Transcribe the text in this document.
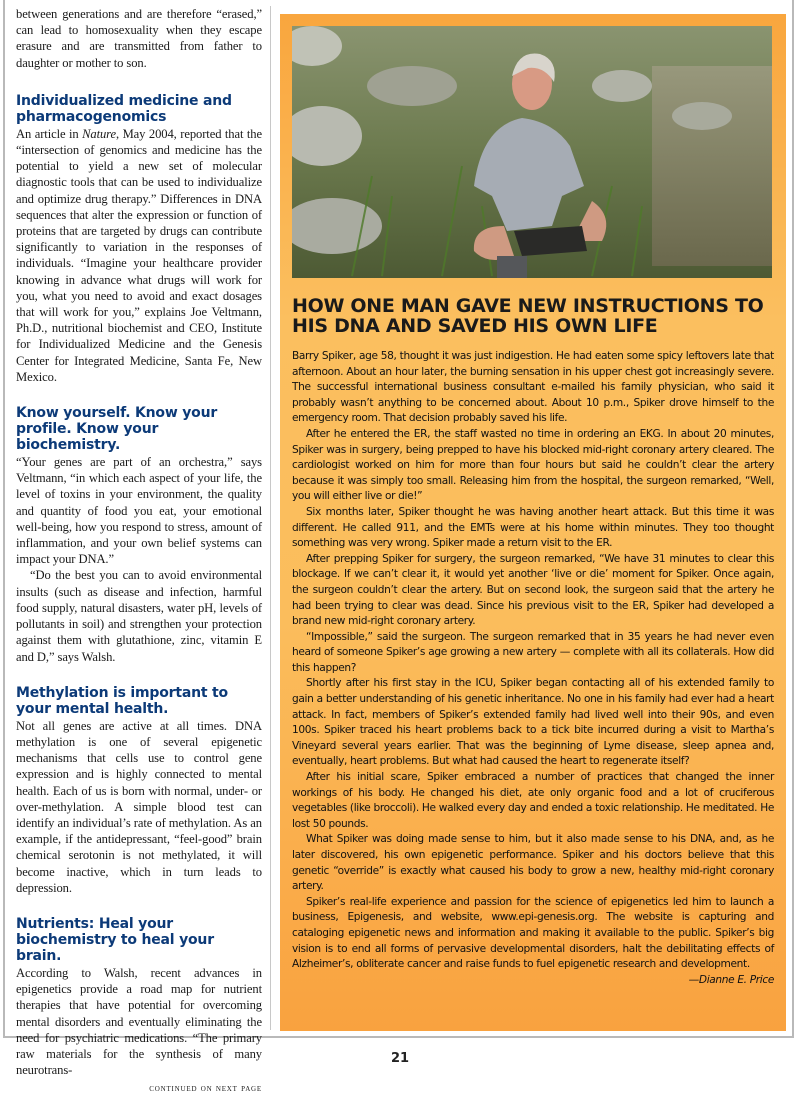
between generations and are therefore “erased,” can lead to homosexuality when they escape erasure and are transmitted from father to daughter or mother to son.

Individualized medicine and pharmacogenomics

An article in Nature, May 2004, reported that the “intersection of genomics and medicine has the potential to yield a new set of molecular diagnostic tools that can be used to individualize and optimize drug therapy.” Differences in DNA sequences that alter the expression or function of proteins that are targeted by drugs can contribute significantly to variation in the responses of individuals. “Imagine your healthcare provider knowing in advance what drugs will work for you, what you need to avoid and exact dosages that will work for you,” explains Joe Veltmann, Ph.D., nutritional biochemist and CEO, Institute for Individualized Medicine and the Genesis Center for Integrated Medicine, Santa Fe, New Mexico.

Know yourself. Know your profile. Know your biochemistry.

“Your genes are part of an orchestra,” says Veltmann, “in which each aspect of your life, the level of toxins in your environment, the quality and quantity of food you eat, your emotional well-being, how you respond to stress, amount of inflammation, and your own belief systems can impact your DNA.”

“Do the best you can to avoid environmental insults (such as disease and infection, harmful food supply, natural disasters, water pH, levels of pollutants in soil) and strengthen your protection against them with glutathione, zinc, vitamin E and D,” says Walsh.

Methylation is important to your mental health.

Not all genes are active at all times. DNA methylation is one of several epigenetic mechanisms that cells use to control gene expression and is highly connected to mental health. Each of us is born with normal, under- or over-methylation. A simple blood test can identify an individual’s rate of methylation. As an example, if the antidepressant, “feel-good” brain chemical serotonin is not methylated, it will become inactive, which in turn leads to depression.

Nutrients: Heal your biochemistry to heal your brain.

According to Walsh, recent advances in epigenetics provide a road map for nutrient therapies that have potential for overcoming mental disorders and eventually eliminating the need for psychiatric medications. “The primary raw materials for the synthesis of many neurotrans-

continued on next page
HOW ONE MAN GAVE NEW INSTRUCTIONS TO HIS DNA AND SAVED HIS OWN LIFE

Barry Spiker, age 58, thought it was just indigestion. He had eaten some spicy leftovers late that afternoon. About an hour later, the burning sensation in his upper chest got increasingly severe. The successful international business consultant e-mailed his family physician, who said it probably wasn’t anything to be concerned about. About 10 p.m., Spiker drove himself to the emergency room. That decision probably saved his life.

After he entered the ER, the staff wasted no time in ordering an EKG. In about 20 minutes, Spiker was in surgery, being prepped to have his blocked mid-right coronary artery cleared. The cardiologist worked on him for more than four hours but said he couldn’t clear the artery because it was simply too small. Releasing him from the hospital, the surgeon remarked, “Well, you will either live or die!”

Six months later, Spiker thought he was having another heart attack. But this time it was different. He called 911, and the EMTs were at his home within minutes. They too thought something was very wrong. Spiker made a return visit to the ER.

After prepping Spiker for surgery, the surgeon remarked, “We have 31 minutes to clear this blockage. If we can’t clear it, it would yet another ‘live or die’ moment for Spiker. Once again, the surgeon couldn’t clear the artery. But on second look, the surgeon said that the artery he had been trying to clear was dead. Since his previous visit to the ER, Spiker had developed a brand new mid-right coronary artery.

“Impossible,” said the surgeon. The surgeon remarked that in 35 years he had never even heard of someone Spiker’s age growing a new artery — complete with all its collaterals. How did this happen?

Shortly after his first stay in the ICU, Spiker began contacting all of his extended family to gain a better understanding of his genetic inheritance. No one in his family had ever had a heart attack. In fact, members of Spiker’s extended family had lived well into their 90s, and even 100s. Spiker traced his heart problems back to a tick bite incurred during a visit to Martha’s Vineyard several years earlier. That was the beginning of Lyme disease, sleep apnea and, eventually, heart problems. But what had caused the heart to regenerate itself?

After his initial scare, Spiker embraced a number of practices that changed the inner workings of his body. He changed his diet, ate only organic food and a lot of cruciferous vegetables (like broccoli). He walked every day and ended a toxic relationship. He meditated. He lost 50 pounds.

What Spiker was doing made sense to him, but it also made sense to his DNA, and, as he later discovered, his own epigenetic performance. Spiker and his doctors believe that this genetic “override” is exactly what caused his body to grow a new, healthy mid-right coronary artery.

Spiker’s real-life experience and passion for the science of epigenetics led him to launch a business, Epigenesis, and website, www.epi-genesis.org. The website is capturing and cataloging epigenetic news and information and making it available to the public. Spiker’s big vision is to end all forms of pervasive developmental disorders, halt the debilitating effects of Alzheimer’s, obliterate cancer and raise funds to fuel epigenetic research and development.
—Dianne E. Price

21
